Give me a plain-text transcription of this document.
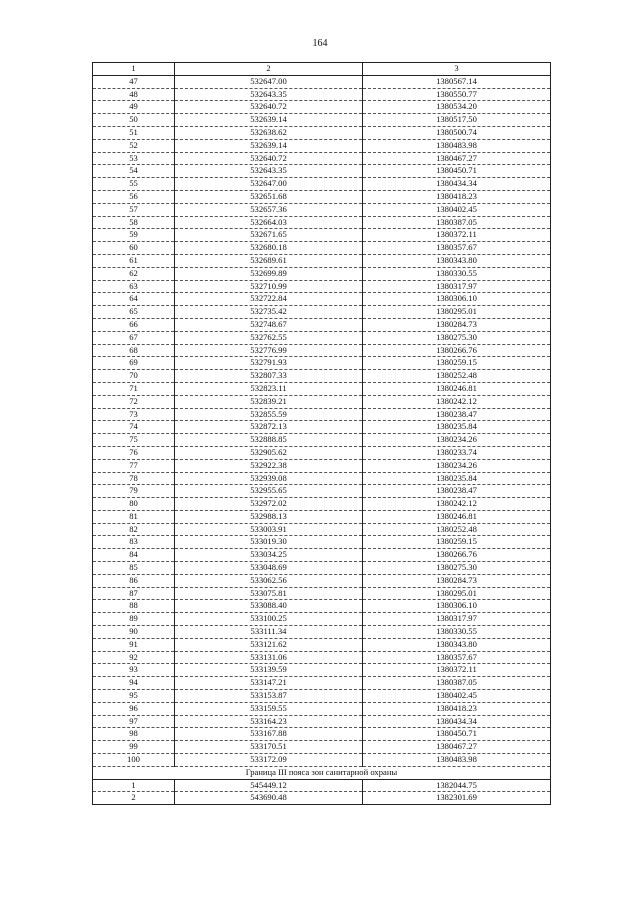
164
1	2	3
47	532647.00	1380567.14
48	532643.35	1380550.77
49	532640.72	1380534.20
50	532639.14	1380517.50
51	532638.62	1380500.74
52	532639.14	1380483.98
53	532640.72	1380467.27
54	532643.35	1380450.71
55	532647.00	1380434.34
56	532651.68	1380418.23
57	532657.36	1380402.45
58	532664.03	1380387.05
59	532671.65	1380372.11
60	532680.18	1380357.67
61	532689.61	1380343.80
62	532699.89	1380330.55
63	532710.99	1380317.97
64	532722.84	1380306.10
65	532735.42	1380295.01
66	532748.67	1380284.73
67	532762.55	1380275.30
68	532776.99	1380266.76
69	532791.93	1380259.15
70	532807.33	1380252.48
71	532823.11	1380246.81
72	532839.21	1380242.12
73	532855.59	1380238.47
74	532872.13	1380235.84
75	532888.85	1380234.26
76	532905.62	1380233.74
77	532922.38	1380234.26
78	532939.08	1380235.84
79	532955.65	1380238.47
80	532972.02	1380242.12
81	532988.13	1380246.81
82	533003.91	1380252.48
83	533019.30	1380259.15
84	533034.25	1380266.76
85	533048.69	1380275.30
86	533062.56	1380284.73
87	533075.81	1380295.01
88	533088.40	1380306.10
89	533100.25	1380317.97
90	533111.34	1380330.55
91	533121.62	1380343.80
92	533131.06	1380357.67
93	533139.59	1380372.11
94	533147.21	1380387.05
95	533153.87	1380402.45
96	533159.55	1380418.23
97	533164.23	1380434.34
98	533167.88	1380450.71
99	533170.51	1380467.27
100	533172.09	1380483.98
Граница III пояса зон санитарной охраны		
1	545449.12	1382044.75
2	543690.48	1382301.69
